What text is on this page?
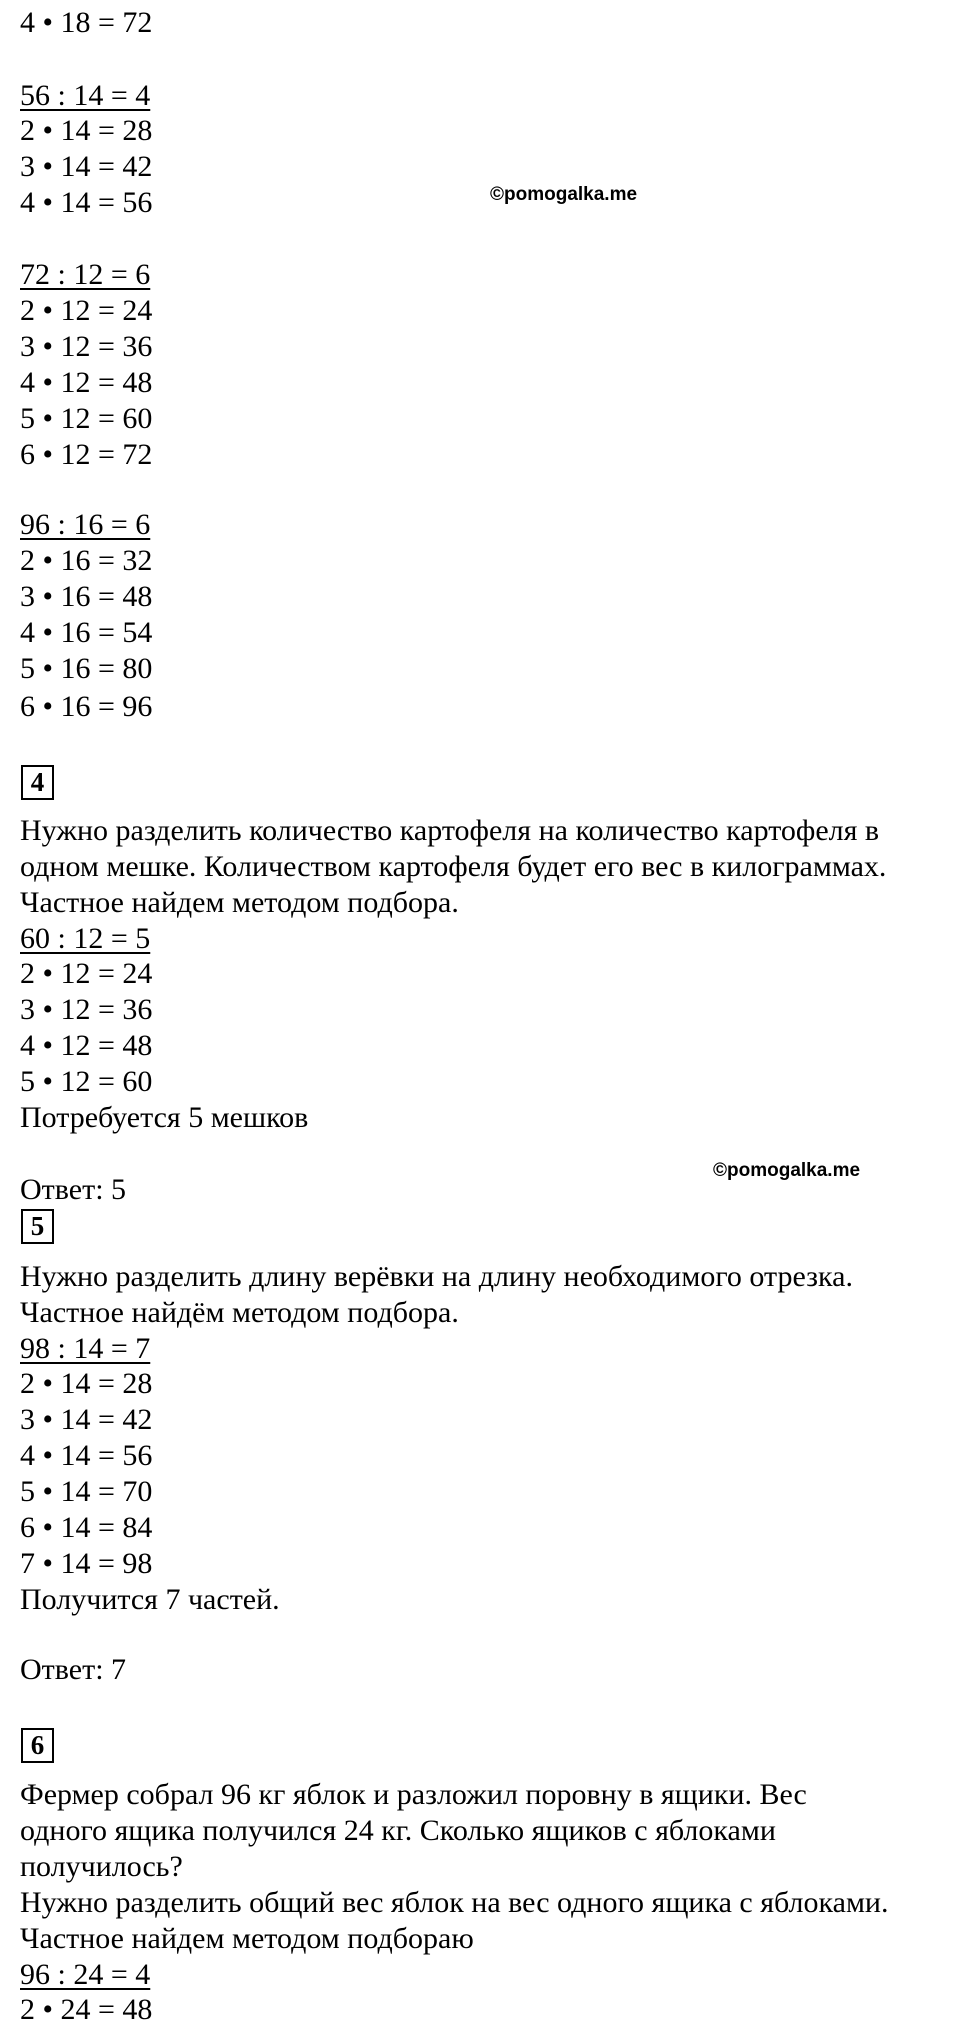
4 • 18 = 72
56 : 14 = 4
2 • 14 = 28
3 • 14 = 42
4 • 14 = 56	©pomogalka.me
72 : 12 = 6
2 • 12 = 24
3 • 12 = 36
4 • 12 = 48
5 • 12 = 60
6 • 12 = 72
96 : 16 = 6
2 • 16 = 32
3 • 16 = 48
4 • 16 = 54
5 • 16 = 80
6 • 16 = 96
4
Нужно разделить количество картофеля на количество картофеля в
одном мешке. Количеством картофеля будет его вес в килограммах.
Частное найдем методом подбора.
60 : 12 = 5
2 • 12 = 24
3 • 12 = 36
4 • 12 = 48
5 • 12 = 60
Потребуется 5 мешков
©pomogalka.me
Ответ: 5
5
Нужно разделить длину верёвки на длину необходимого отрезка.
Частное найдём методом подбора.
98 : 14 = 7
2 • 14 = 28
3 • 14 = 42
4 • 14 = 56
5 • 14 = 70
6 • 14 = 84
7 • 14 = 98
Получится 7 частей.
Ответ: 7
6
Фермер собрал 96 кг яблок и разложил поровну в ящики. Вес
одного ящика получился 24 кг. Сколько ящиков с яблоками
получилось?
Нужно разделить общий вес яблок на вес одного ящика с яблоками.
Частное найдем методом подбораю
96 : 24 = 4
2 • 24 = 48
